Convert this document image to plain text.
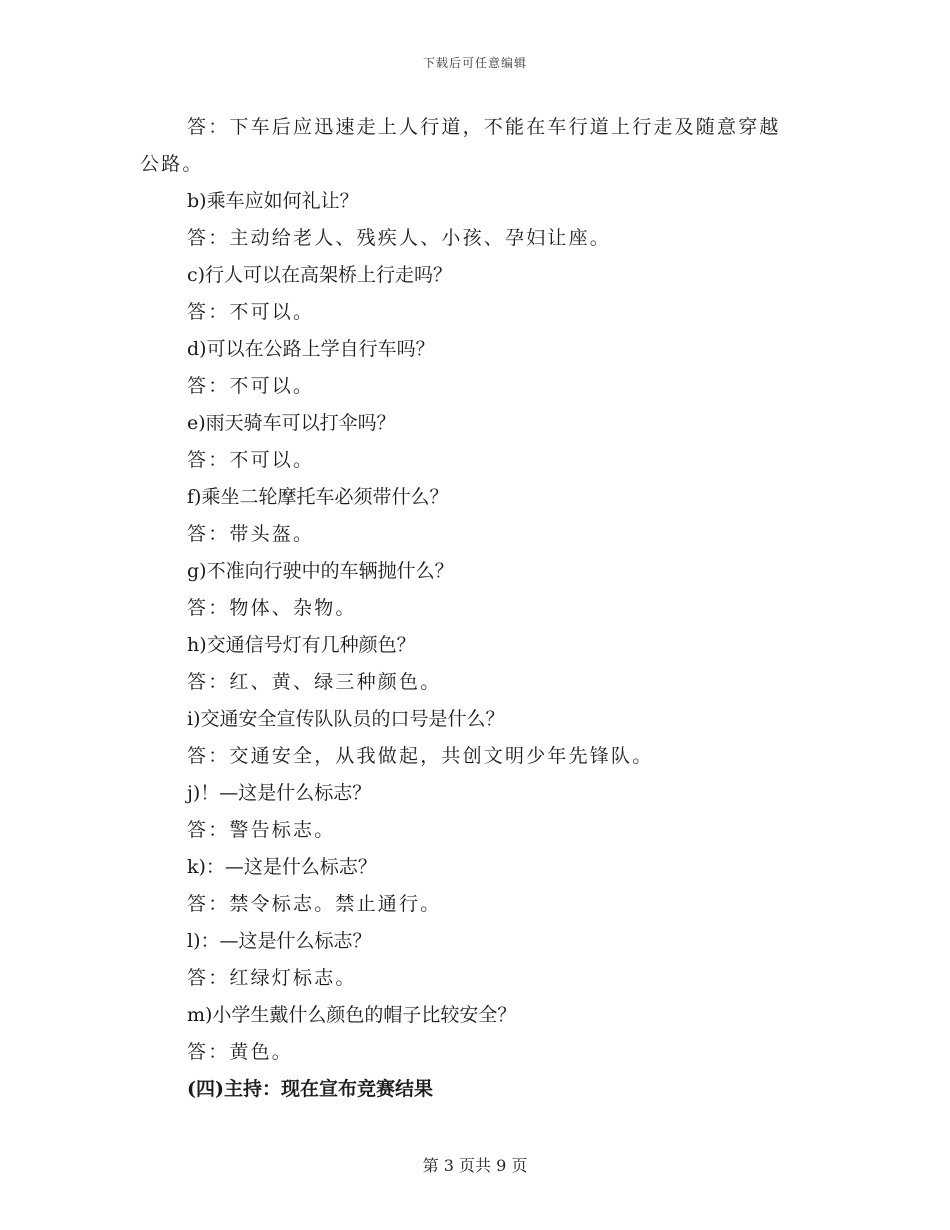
下载后可任意编辑
答：下车后应迅速走上人行道，不能在车行道上行走及随意穿越
公路。
b)乘车应如何礼让？
答：主动给老人、残疾人、小孩、孕妇让座。
c)行人可以在高架桥上行走吗？
答：不可以。
d)可以在公路上学自行车吗？
答：不可以。
e)雨天骑车可以打伞吗？
答：不可以。
f)乘坐二轮摩托车必须带什么？
答：带头盔。
g)不准向行驶中的车辆抛什么？
答：物体、杂物。
h)交通信号灯有几种颜色？
答：红、黄、绿三种颜色。
i)交通安全宣传队队员的口号是什么？
答：交通安全，从我做起，共创文明少年先锋队。
j)！—这是什么标志？
答：警告标志。
k)：—这是什么标志？
答：禁令标志。禁止通行。
l)：—这是什么标志？
答：红绿灯标志。
m)小学生戴什么颜色的帽子比较安全？
答：黄色。
(四)主持：现在宣布竞赛结果
第 3 页共 9 页
